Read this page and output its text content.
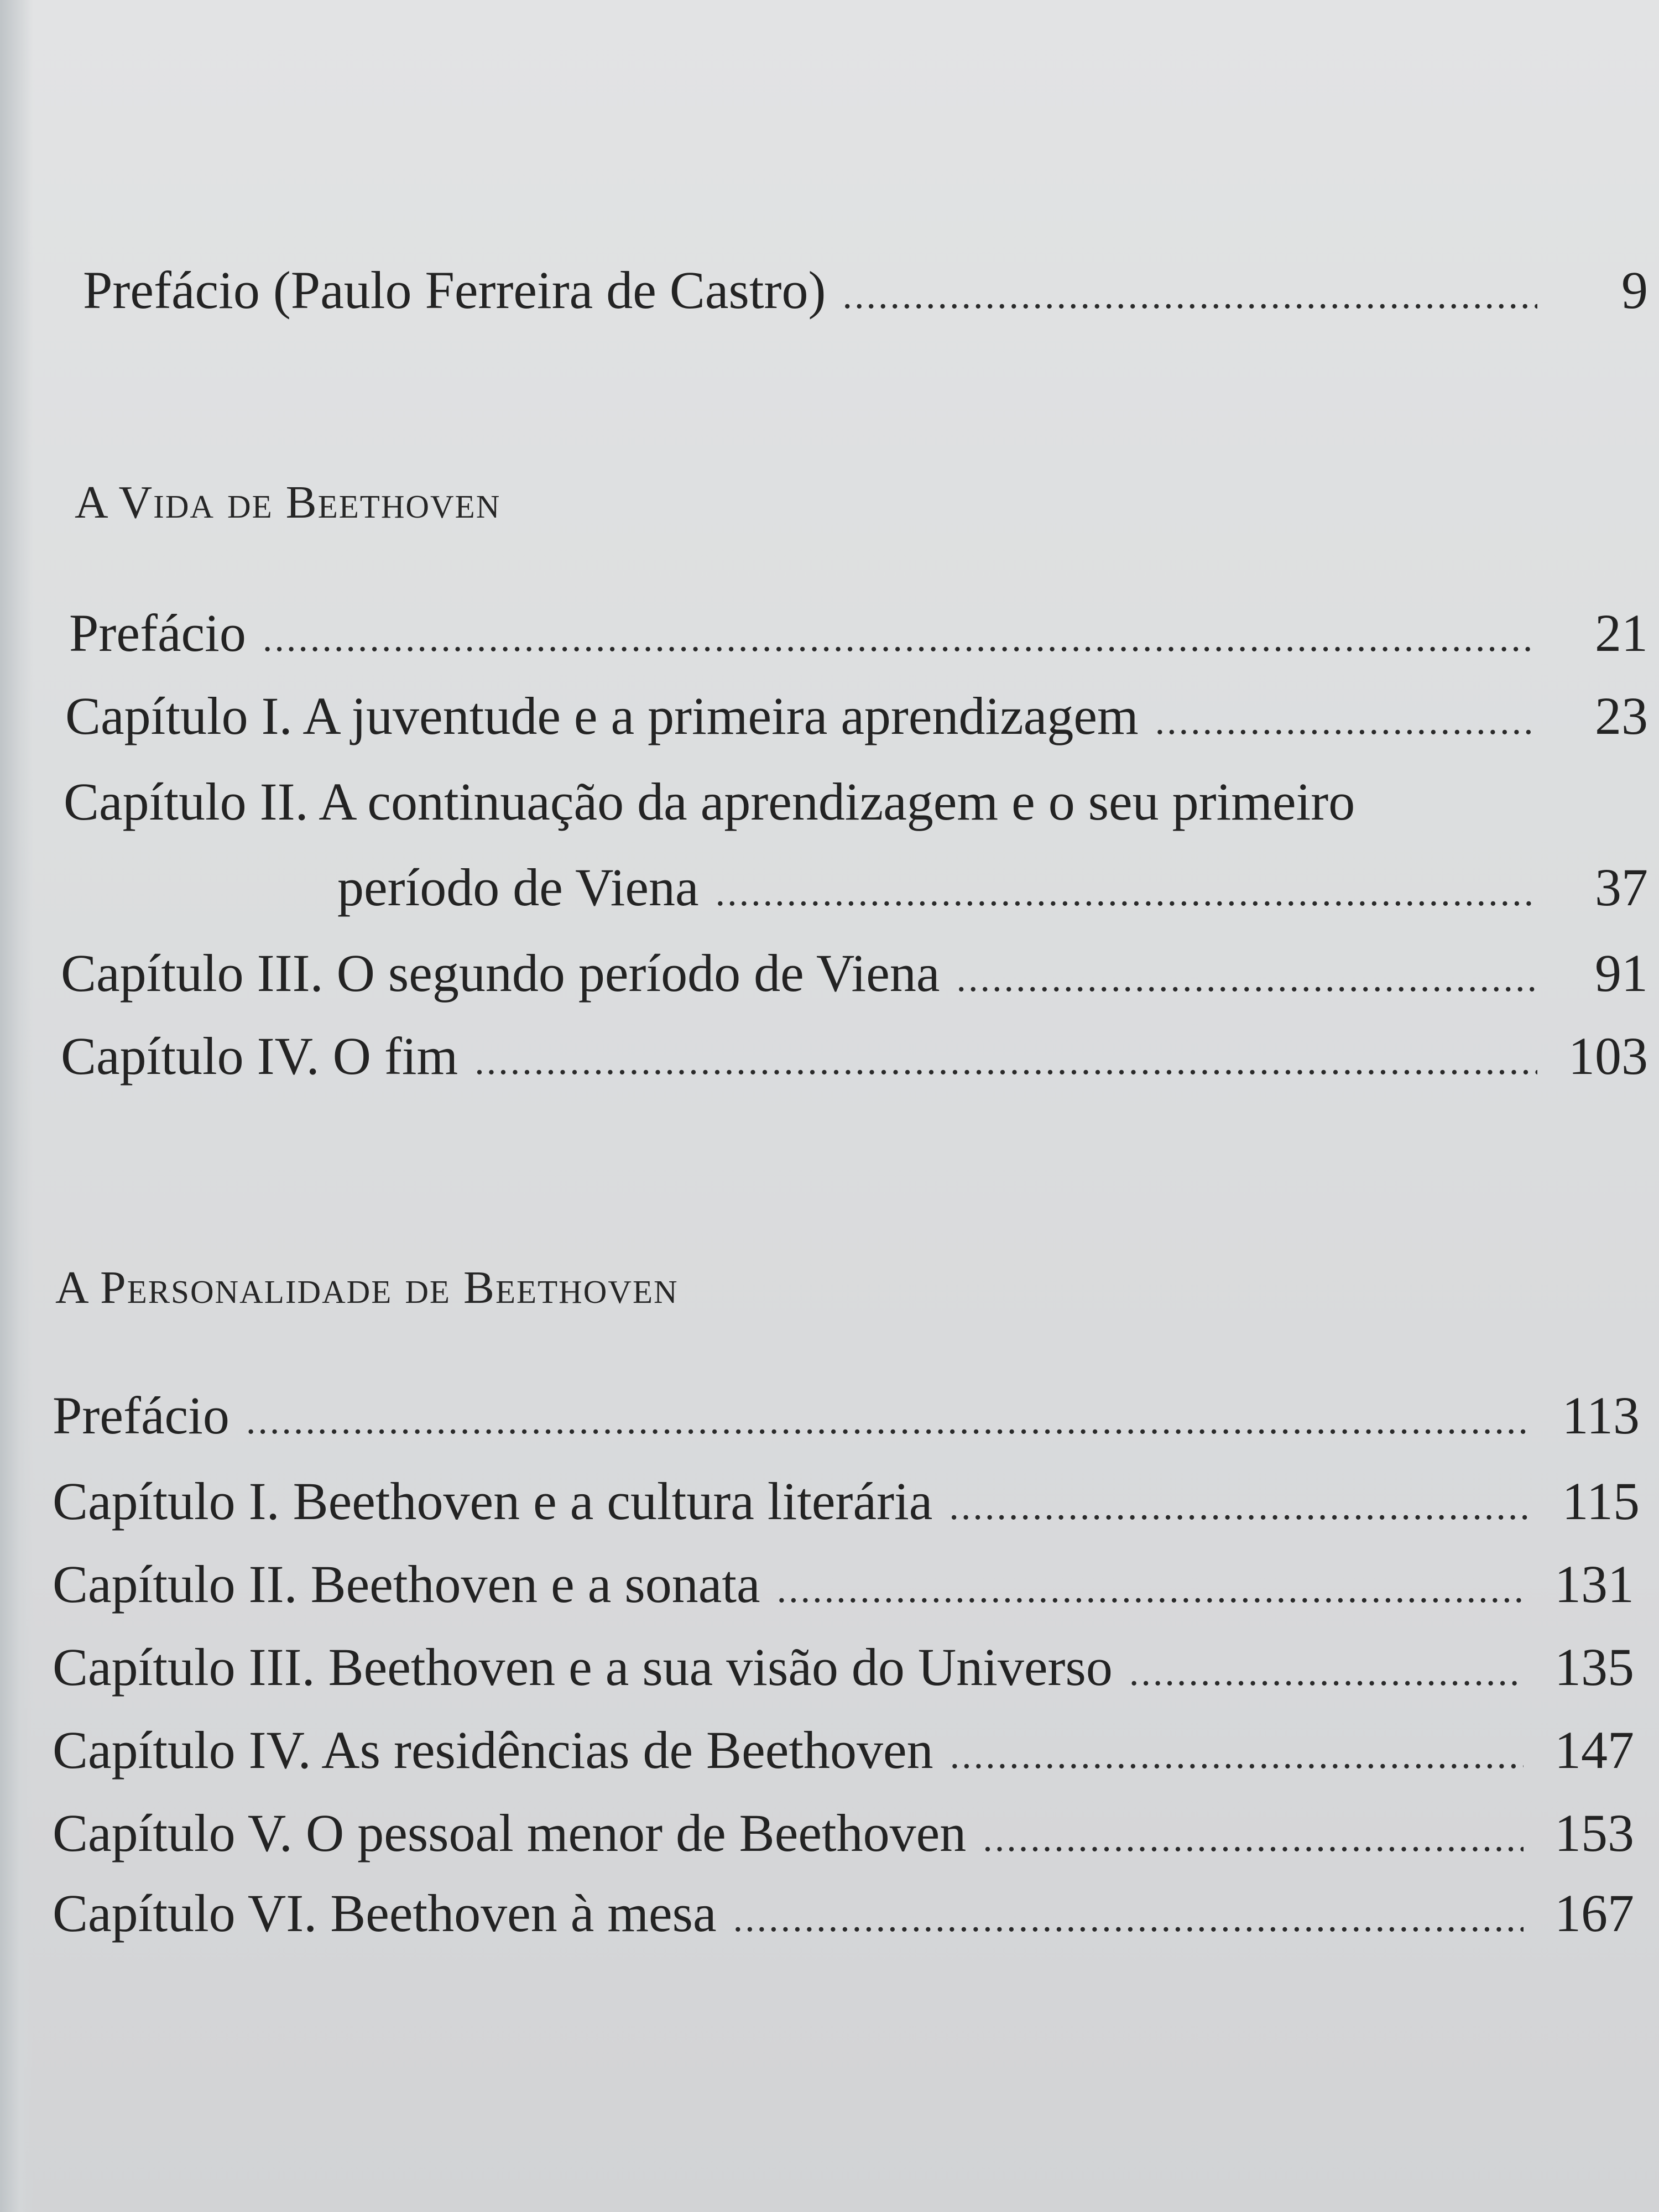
Prefácio (Paulo Ferreira de Castro) .....	9
A Vida de Beethoven
Prefácio .....	21
Capítulo I. A juventude e a primeira aprendizagem .....	23
Capítulo II. A continuação da aprendizagem e o seu primeiro
período de Viena .....	37
Capítulo III. O segundo período de Viena .....	91
Capítulo IV. O fim .....	103
A Personalidade de Beethoven
Prefácio .....	113
Capítulo I. Beethoven e a cultura literária .....	115
Capítulo II. Beethoven e a sonata .....	131
Capítulo III. Beethoven e a sua visão do Universo .....	135
Capítulo IV. As residências de Beethoven .....	147
Capítulo V. O pessoal menor de Beethoven .....	153
Capítulo VI. Beethoven à mesa .....	167
